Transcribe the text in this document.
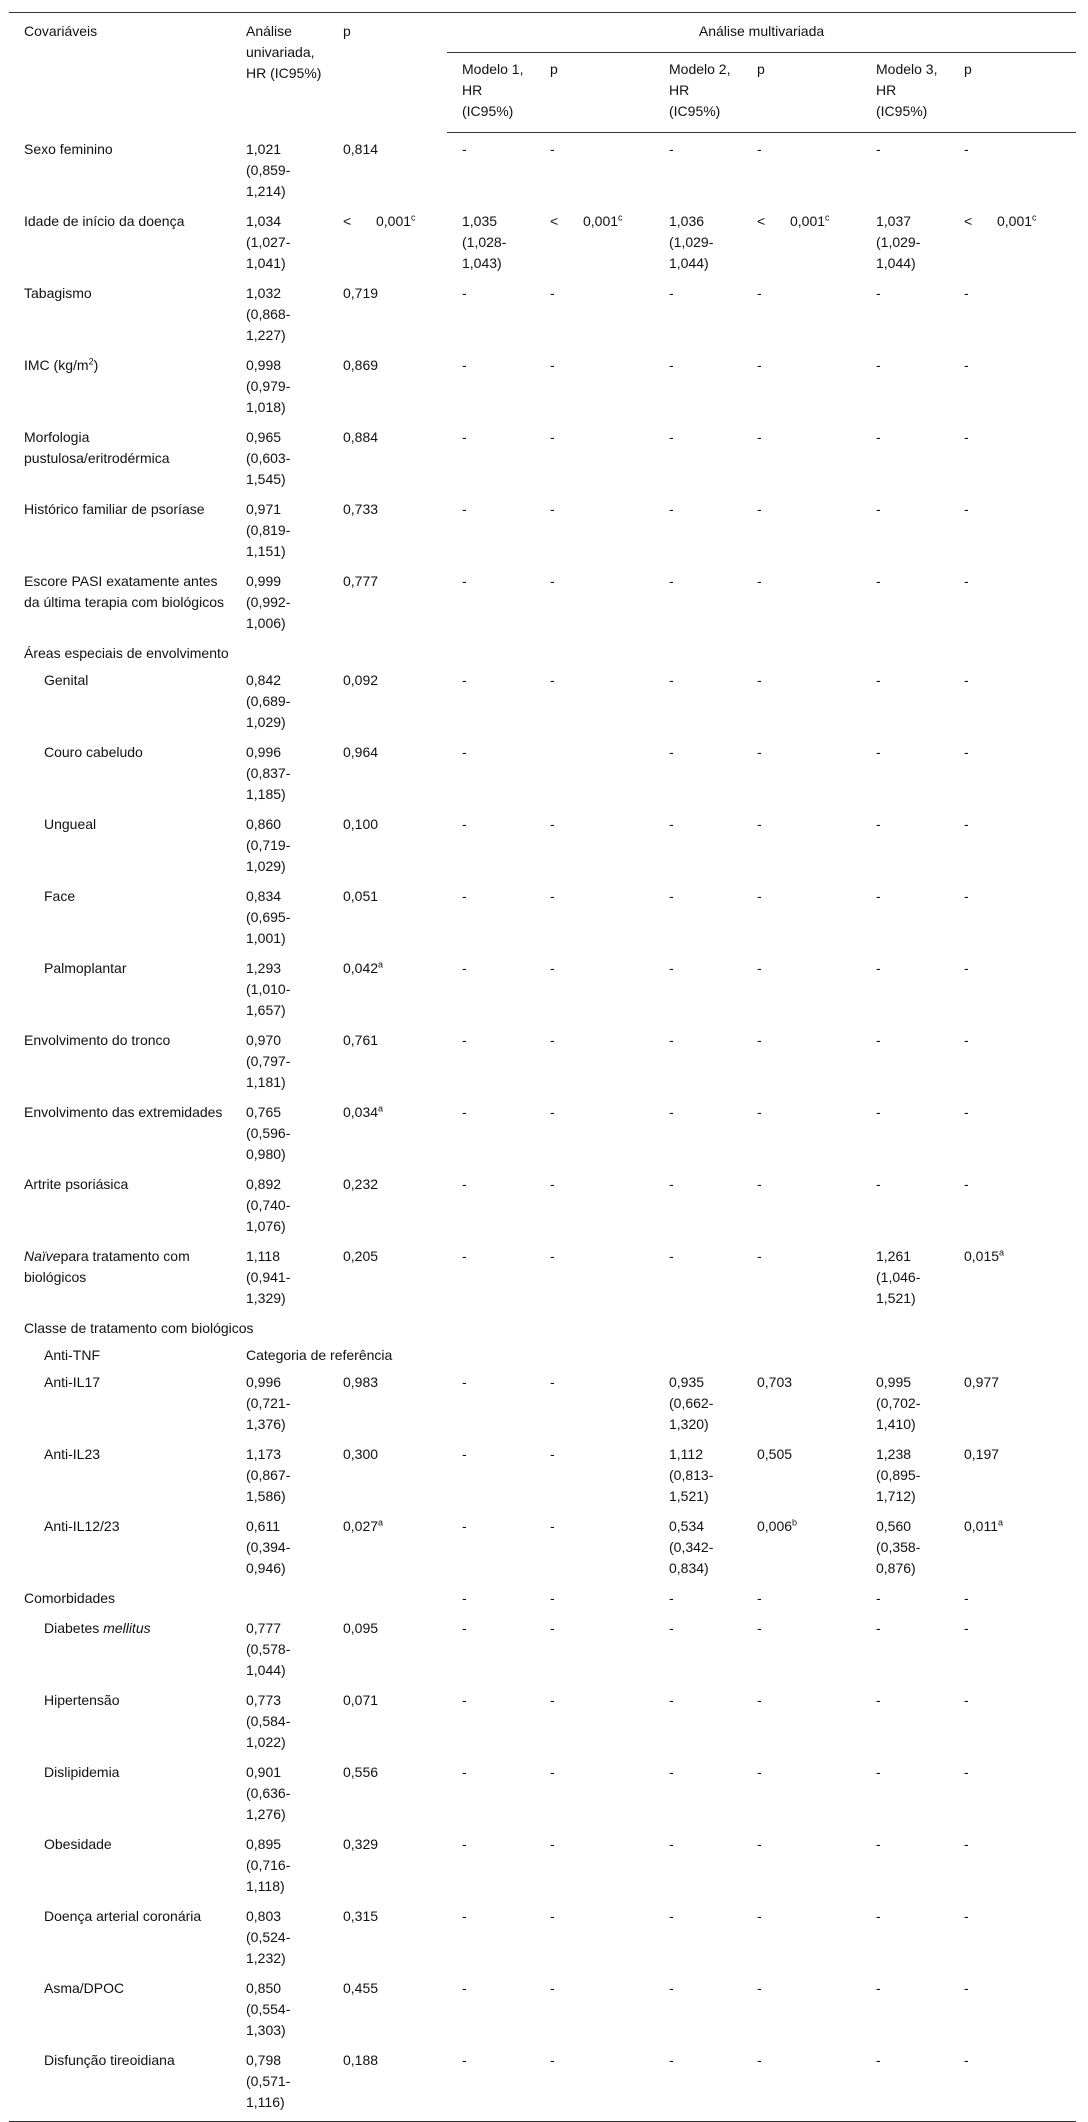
Covariáveis	Análise univariada, HR (IC95%)	p	Análise multivariada					
			Modelo 1, HR (IC95%)	p	Modelo 2, HR (IC95%)	p	Modelo 3, HR (IC95%)	p
Sexo feminino	1,021 (0,859-1,214)	0,814	-	-	-	-	-	-
Idade de início da doença	1,034 (1,027-1,041)	< 0,001$^c$	1,035 (1,028-1,043)	< 0,001$^c$	1,036 (1,029-1,044)	< 0,001$^c$	1,037 (1,029-1,044)	< 0,001$^c$
Tabagismo	1,032 (0,868-1,227)	0,719	-	-	-	-	-	-
IMC $(kg/m^2)$	0,998 (0,979-1,018)	0,869	-	-	-	-	-	-
Morfologia pustulosa/eritrodérmica	0,965 (0,603-1,545)	0,884	-	-	-	-	-	-
Histórico familiar de psoríase	0,971 (0,819-1,151)	0,733	-	-	-	-	-	-
Escore PASI exatamente antes da última terapia com biológicos	0,999 (0,992-1,006)	0,777	-	-	-	-	-	-
Áreas especiais de envolvimento								
Genital	0,842 (0,689-1,029)	0,092	-	-	-	-	-	-
Couro cabeludo	0,996 (0,837-1,185)	0,964	-		-	-	-	-
Ungueal	0,860 (0,719-1,029)	0,100	-	-	-	-	-	-
Face	0,834 (0,695-1,001)	0,051	-	-	-	-	-	-
Palmoplantar	1,293 (1,010-1,657)	0,042$^a$	-	-	-	-	-	-
Envolvimento do tronco	0,970 (0,797-1,181)	0,761	-	-	-	-	-	-
Envolvimento das extremidades	0,765 (0,596-0,980)	0,034$^a$	-	-	-	-	-	-
Artrite psoriásica	0,892 (0,740-1,076)	0,232	-	-	-	-	-	-
Naïvepara tratamento com biológicos	1,118 (0,941-1,329)	0,205	-	-	-	-	1,261 (1,046-1,521)	0,015$^a$
Classe de tratamento com biológicos								
Anti-TNF	Categoria de referência							
Anti-IL17	0,996 (0,721-1,376)	0,983	-	-	0,935 (0,662-1,320)	0,703	0,995 (0,702-1,410)	0,977
Anti-IL23	1,173 (0,867-1,586)	0,300	-	-	1,112 (0,813-1,521)	0,505	1,238 (0,895-1,712)	0,197
Anti-IL12/23	0,611 (0,394-0,946)	0,027$^a$	-	-	0,534 (0,342-0,834)	0,006$^b$	0,560 (0,358-0,876)	0,011$^a$
Comorbidades			-	-	-	-	-	-
Diabetes mellitus	0,777 (0,578-1,044)	0,095	-	-	-	-	-	-
Hipertensão	0,773 (0,584-1,022)	0,071	-	-	-	-	-	-
Dislipidemia	0,901 (0,636-1,276)	0,556	-	-	-	-	-	-
Obesidade	0,895 (0,716-1,118)	0,329	-	-	-	-	-	-
Doença arterial coronária	0,803 (0,524-1,232)	0,315	-	-	-	-	-	-
Asma/DPOC	0,850 (0,554-1,303)	0,455	-	-	-	-	-	-
Disfunção tireoidiana	0,798 (0,571-1,116)	0,188	-	-	-	-	-	-
